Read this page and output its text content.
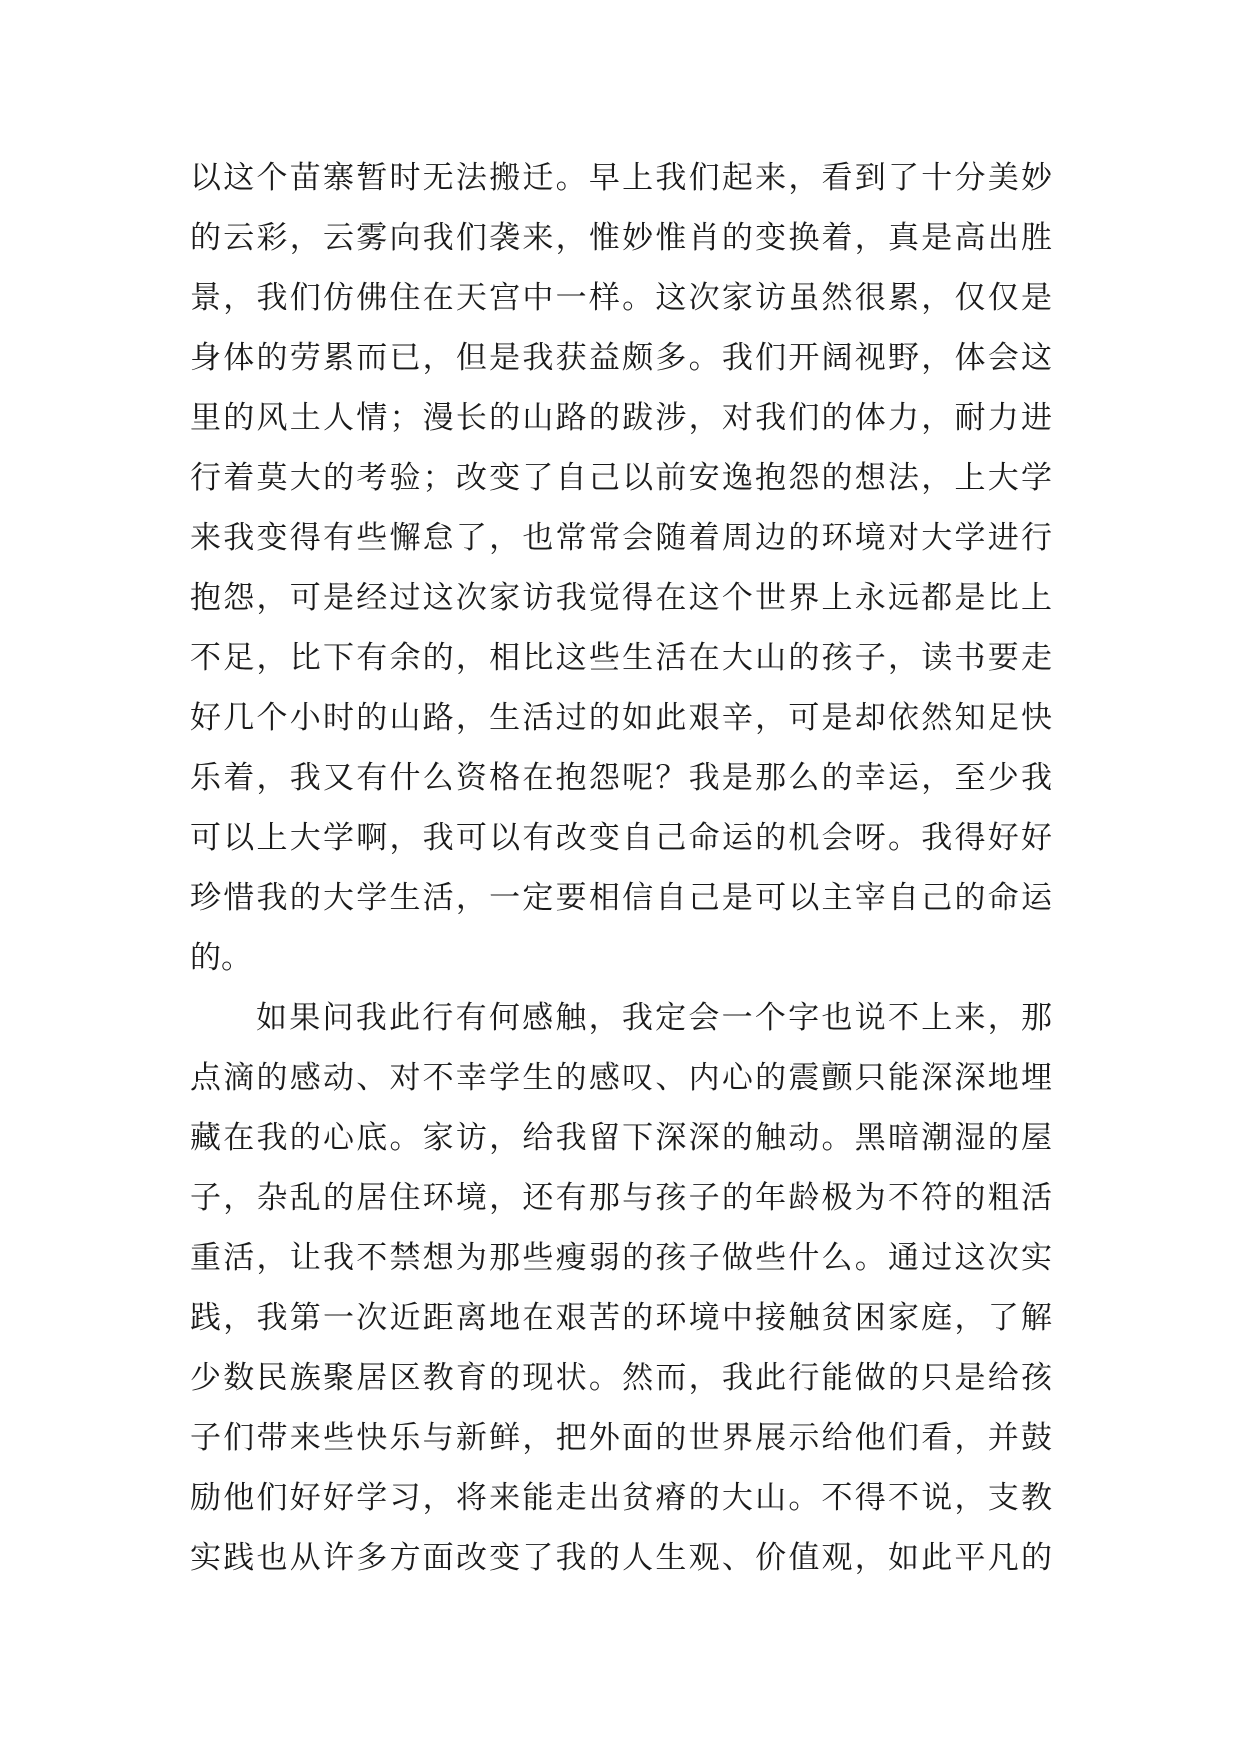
以这个苗寨暂时无法搬迁。早上我们起来，看到了十分美妙
的云彩，云雾向我们袭来，惟妙惟肖的变换着，真是高出胜
景，我们仿佛住在天宫中一样。这次家访虽然很累，仅仅是
身体的劳累而已，但是我获益颇多。我们开阔视野，体会这
里的风土人情；漫长的山路的跋涉，对我们的体力，耐力进
行着莫大的考验；改变了自己以前安逸抱怨的想法，上大学
来我变得有些懈怠了，也常常会随着周边的环境对大学进行
抱怨，可是经过这次家访我觉得在这个世界上永远都是比上
不足，比下有余的，相比这些生活在大山的孩子，读书要走
好几个小时的山路，生活过的如此艰辛，可是却依然知足快
乐着，我又有什么资格在抱怨呢？我是那么的幸运，至少我
可以上大学啊，我可以有改变自己命运的机会呀。我得好好
珍惜我的大学生活，一定要相信自己是可以主宰自己的命运
的。
如果问我此行有何感触，我定会一个字也说不上来，那
点滴的感动、对不幸学生的感叹、内心的震颤只能深深地埋
藏在我的心底。家访，给我留下深深的触动。黑暗潮湿的屋
子，杂乱的居住环境，还有那与孩子的年龄极为不符的粗活
重活，让我不禁想为那些瘦弱的孩子做些什么。通过这次实
践，我第一次近距离地在艰苦的环境中接触贫困家庭，了解
少数民族聚居区教育的现状。然而，我此行能做的只是给孩
子们带来些快乐与新鲜，把外面的世界展示给他们看，并鼓
励他们好好学习，将来能走出贫瘠的大山。不得不说，支教
实践也从许多方面改变了我的人生观、价值观，如此平凡的
